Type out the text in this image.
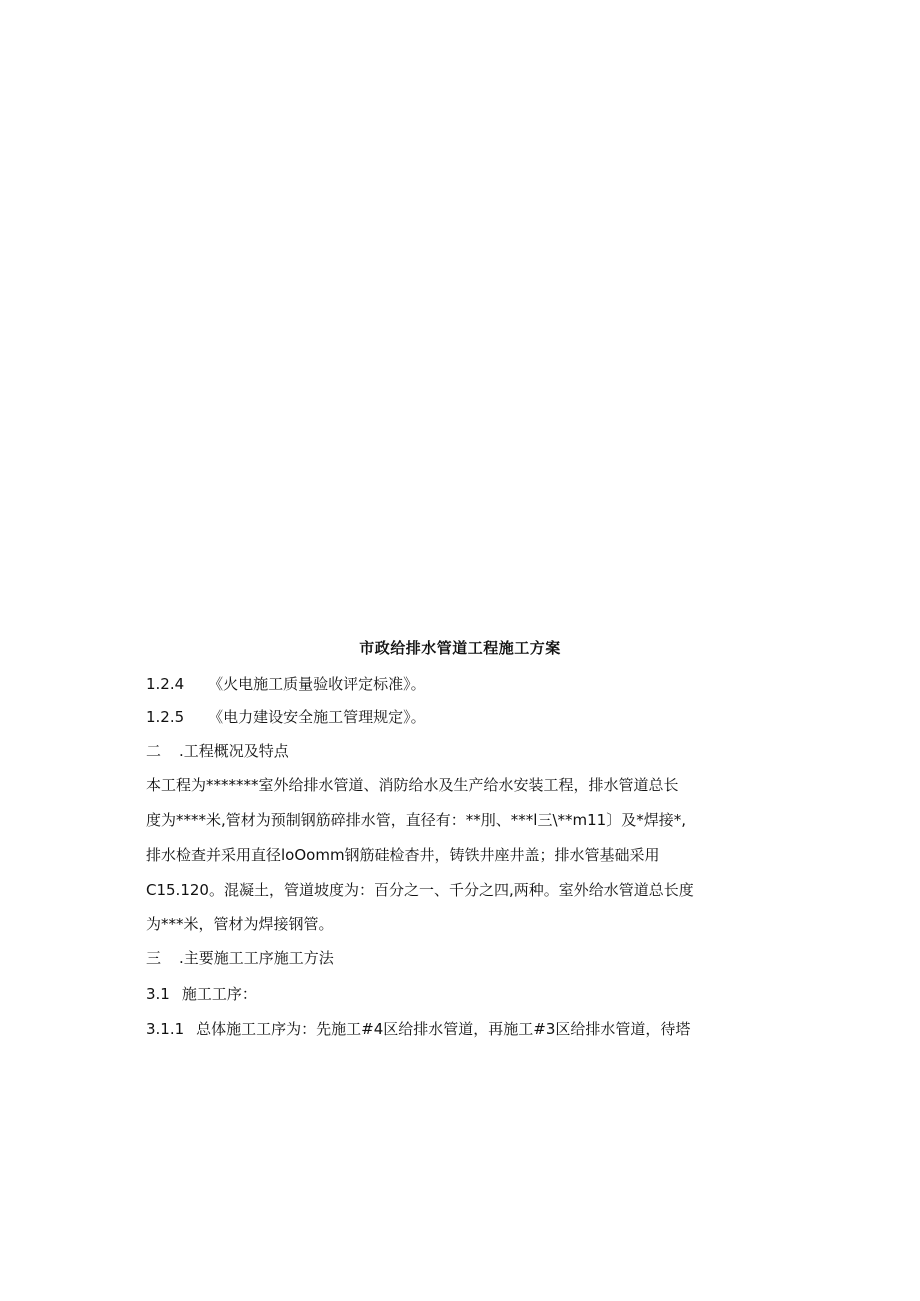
市政给排水管道工程施工方案
1.2.4 《火电施工质量验收评定标准》。
1.2.5 《电力建设安全施工管理规定》。
二 .工程概况及特点
本工程为*******室外给排水管道、消防给水及生产给水安装工程，排水管道总长
度为****米,管材为预制钢筋碎排水管，直径有：**刖、***l三\**m11〕及*焊接*,
排水检查并采用直径loOomm钢筋硅检杳井，铸铁井座井盖；排水管基础采用
C15.120。混凝土，管道坡度为：百分之一、千分之四,两种。室外给水管道总长度
为***米，管材为焊接钢管。
三 .主要施工工序施工方法
3.1 施工工序：
3.1.1 总体施工工序为：先施工#4区给排水管道，再施工#3区给排水管道，待塔
